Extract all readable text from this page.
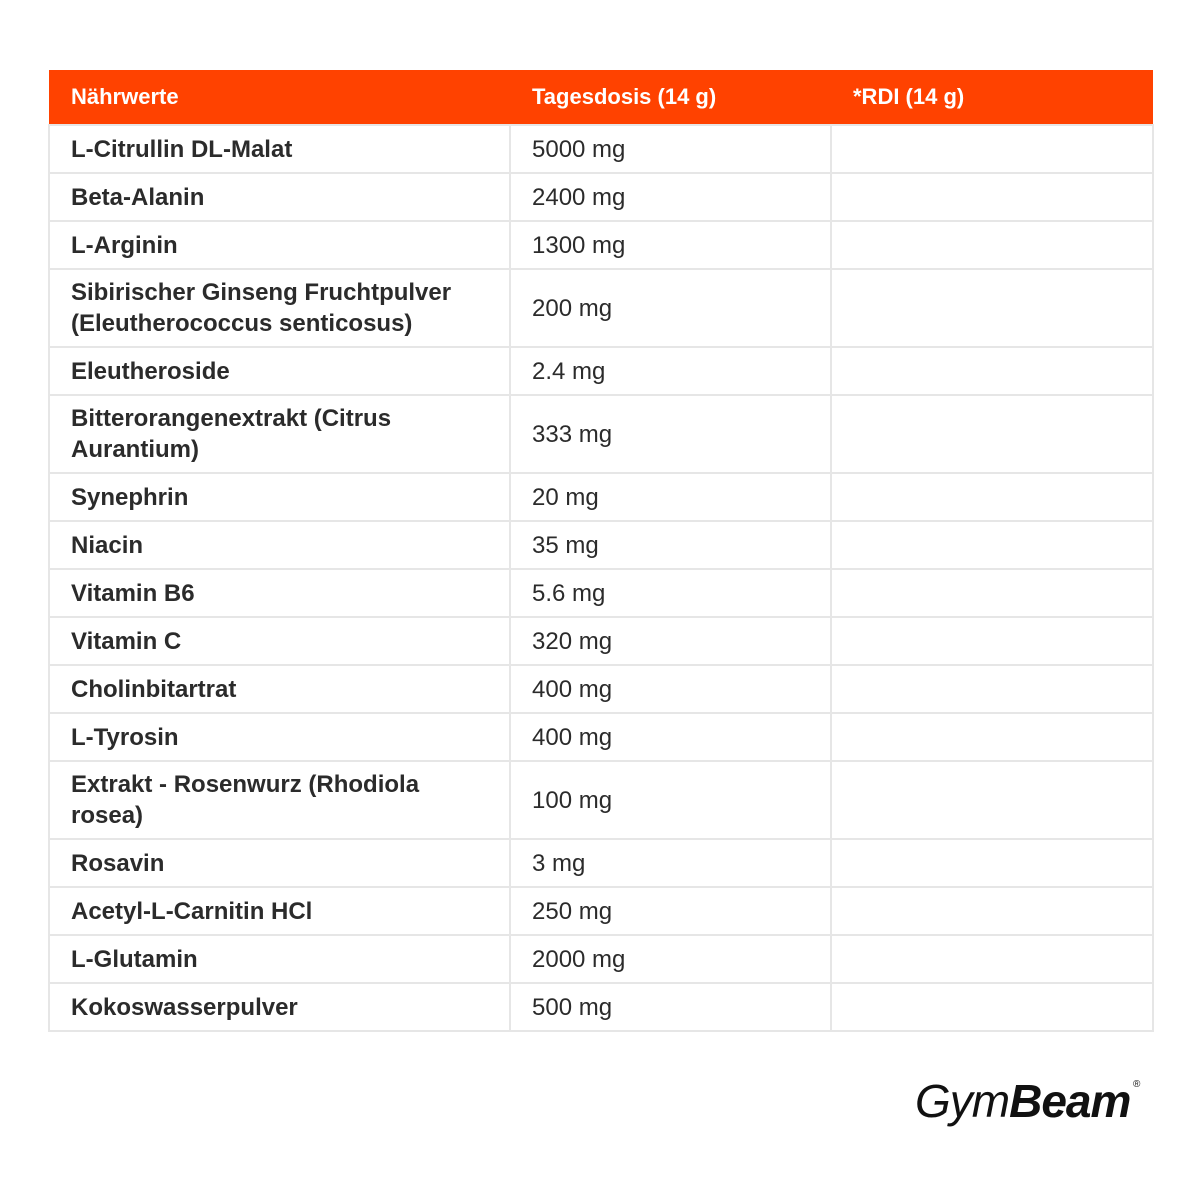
Nährwerte	Tagesdosis (14 g)	*RDI (14 g)
L-Citrullin DL-Malat	5000 mg	
Beta-Alanin	2400 mg	
L-Arginin	1300 mg	
Sibirischer Ginseng Fruchtpulver (Eleutherococcus senticosus)	200 mg	
Eleutheroside	2.4 mg	
Bitterorangenextrakt (Citrus Aurantium)	333 mg	
Synephrin	20 mg	
Niacin	35 mg	
Vitamin B6	5.6 mg	
Vitamin C	320 mg	
Cholinbitartrat	400 mg	
L-Tyrosin	400 mg	
Extrakt - Rosenwurz (Rhodiola rosea)	100 mg	
Rosavin	3 mg	
Acetyl-L-Carnitin HCl	250 mg	
L-Glutamin	2000 mg	
Kokoswasserpulver	500 mg	
GymBeam ®
